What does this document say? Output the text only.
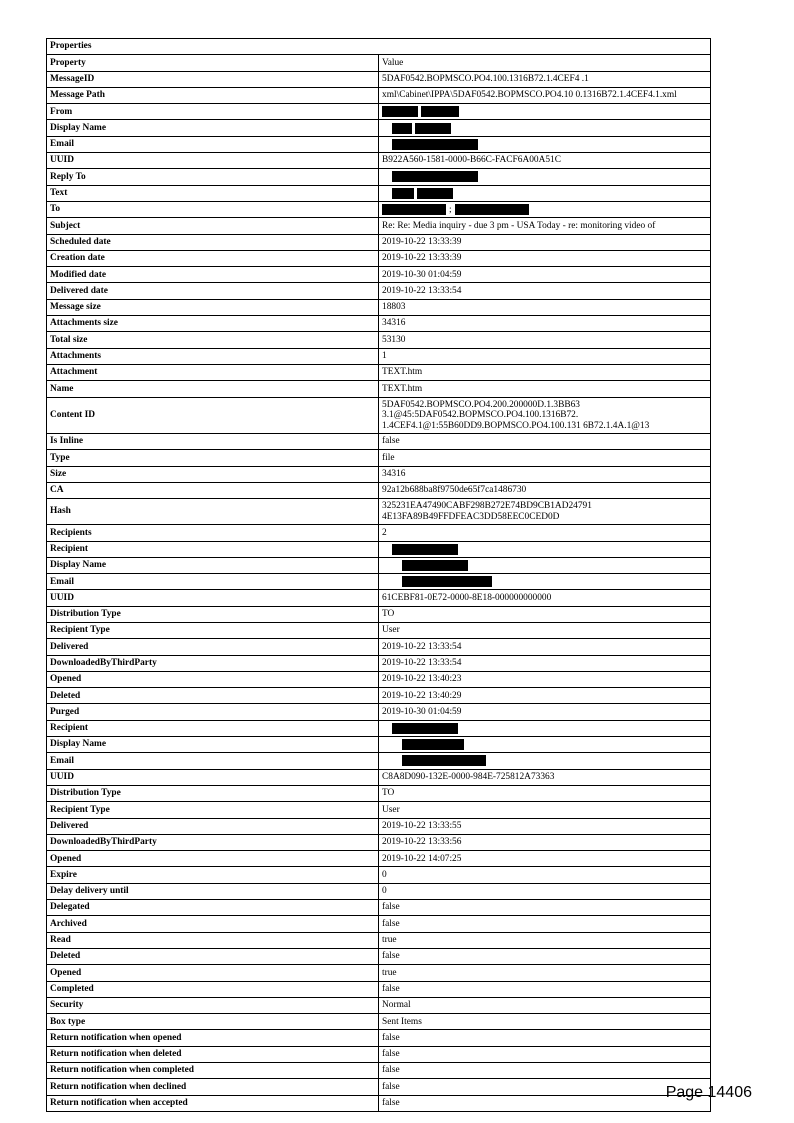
Properties	
Property	Value
MessageID	5DAF0542.BOPMSCO.PO4.100.1316B72.1.4CEF4 .1
Message Path	xml\Cabinet\IPPA\5DAF0542.BOPMSCO.PO4.10 0.1316B72.1.4CEF4.1.xml
From	
Display Name	
Email	
UUID	B922A560-1581-0000-B66C-FACF6A00A51C
Reply To	
Text	
To	;
Subject	Re: Re: Media inquiry - due 3 pm - USA Today - re: monitoring video of
Scheduled date	2019-10-22 13:33:39
Creation date	2019-10-22 13:33:39
Modified date	2019-10-30 01:04:59
Delivered date	2019-10-22 13:33:54
Message size	18803
Attachments size	34316
Total size	53130
Attachments	1
Attachment	TEXT.htm
Name	TEXT.htm
Content ID	5DAF0542.BOPMSCO.PO4.200.200000D.1.3BB63 3.1@45:5DAF0542.BOPMSCO.PO4.100.1316B72. 1.4CEF4.1@1:55B60DD9.BOPMSCO.PO4.100.131 6B72.1.4A.1@13
Is Inline	false
Type	file
Size	34316
CA	92a12b688ba8f9750de65f7ca1486730
Hash	325231EA47490CABF298B272E74BD9CB1AD24791 4E13FA89B49FFDFEAC3DD58EEC0CED0D
Recipients	2
Recipient	
Display Name	
Email	
UUID	61CEBF81-0E72-0000-8E18-000000000000
Distribution Type	TO
Recipient Type	User
Delivered	2019-10-22 13:33:54
DownloadedByThirdParty	2019-10-22 13:33:54
Opened	2019-10-22 13:40:23
Deleted	2019-10-22 13:40:29
Purged	2019-10-30 01:04:59
Recipient	
Display Name	
Email	
UUID	C8A8D090-132E-0000-984E-725812A73363
Distribution Type	TO
Recipient Type	User
Delivered	2019-10-22 13:33:55
DownloadedByThirdParty	2019-10-22 13:33:56
Opened	2019-10-22 14:07:25
Expire	0
Delay delivery until	0
Delegated	false
Archived	false
Read	true
Deleted	false
Opened	true
Completed	false
Security	Normal
Box type	Sent Items
Return notification when opened	false
Return notification when deleted	false
Return notification when completed	false
Return notification when declined	false
Return notification when accepted	false
Page 14406
